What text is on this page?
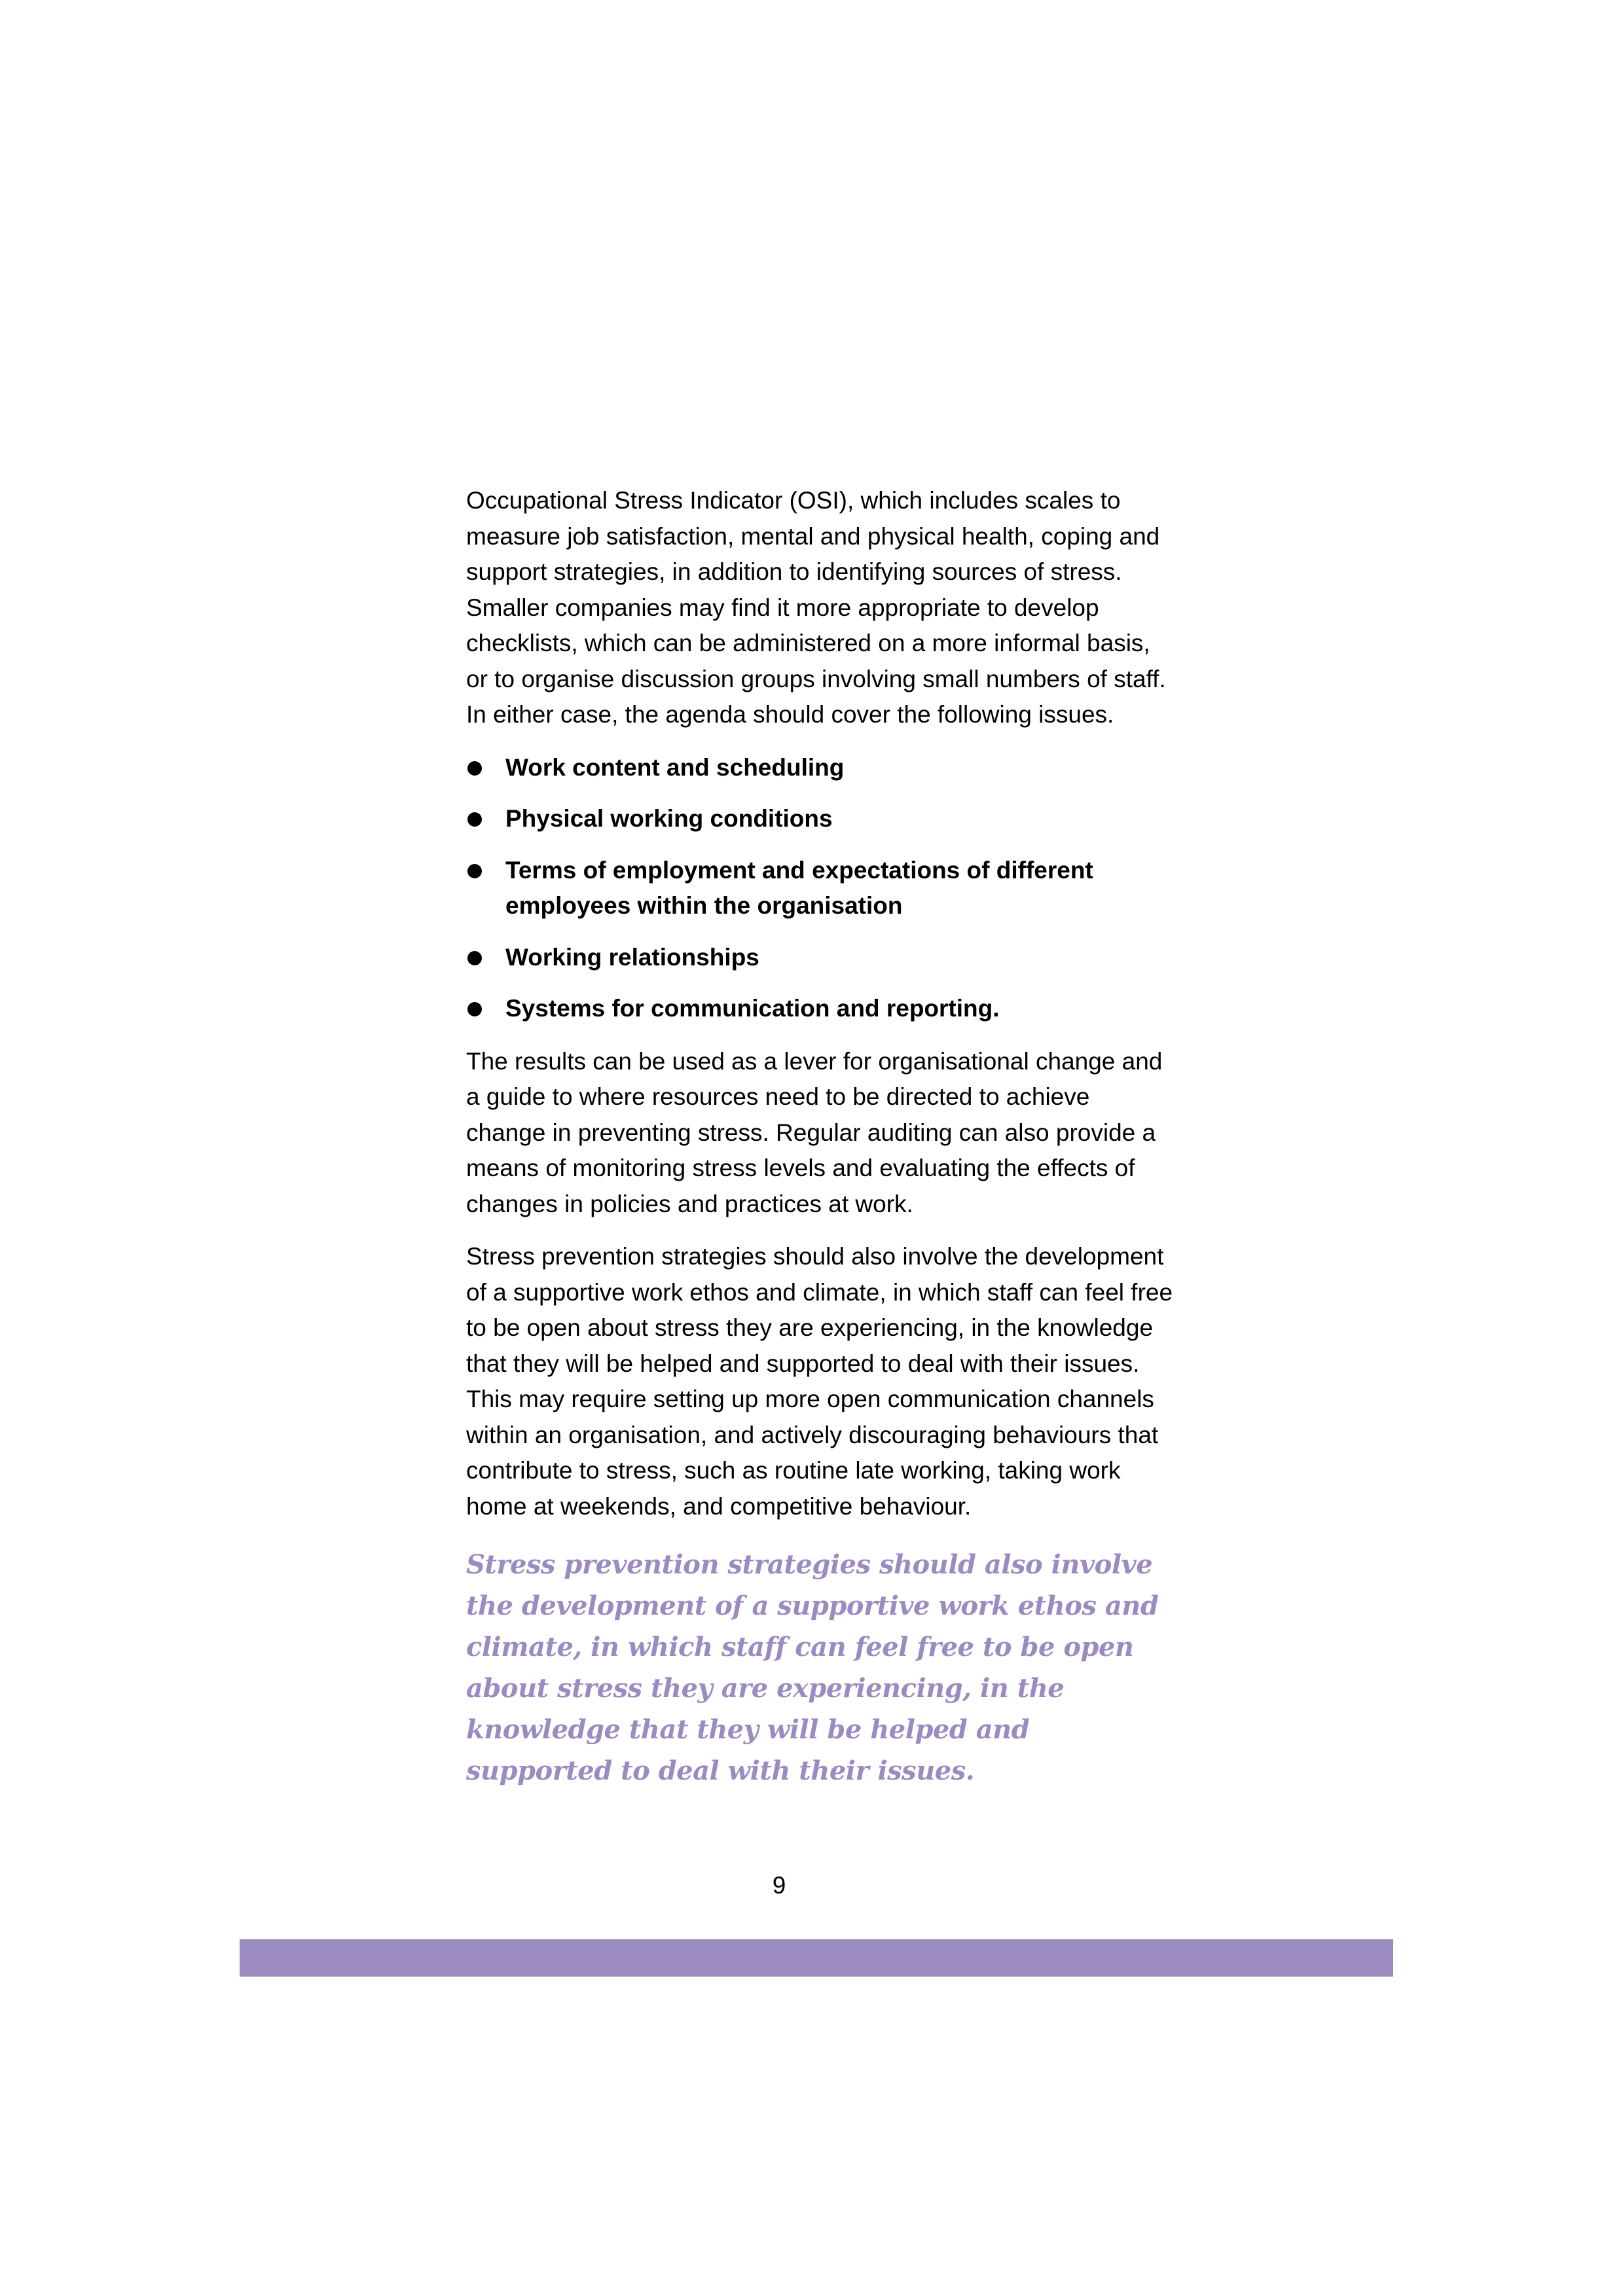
Occupational Stress Indicator (OSI), which includes scales to measure job satisfaction, mental and physical health, coping and support strategies, in addition to identifying sources of stress. Smaller companies may find it more appropriate to develop checklists, which can be administered on a more informal basis, or to organise discussion groups involving small numbers of staff. In either case, the agenda should cover the following issues.

Work content and scheduling
Physical working conditions
Terms of employment and expectations of different employees within the organisation
Working relationships
Systems for communication and reporting.

The results can be used as a lever for organisational change and a guide to where resources need to be directed to achieve change in preventing stress. Regular auditing can also provide a means of monitoring stress levels and evaluating the effects of changes in policies and practices at work.

Stress prevention strategies should also involve the development of a supportive work ethos and climate, in which staff can feel free to be open about stress they are experiencing, in the knowledge that they will be helped and supported to deal with their issues. This may require setting up more open communication channels within an organisation, and actively discouraging behaviours that contribute to stress, such as routine late working, taking work home at weekends, and competitive behaviour.

Stress prevention strategies should also involve the development of a supportive work ethos and climate, in which staff can feel free to be open about stress they are experiencing, in the knowledge that they will be helped and supported to deal with their issues.

9
